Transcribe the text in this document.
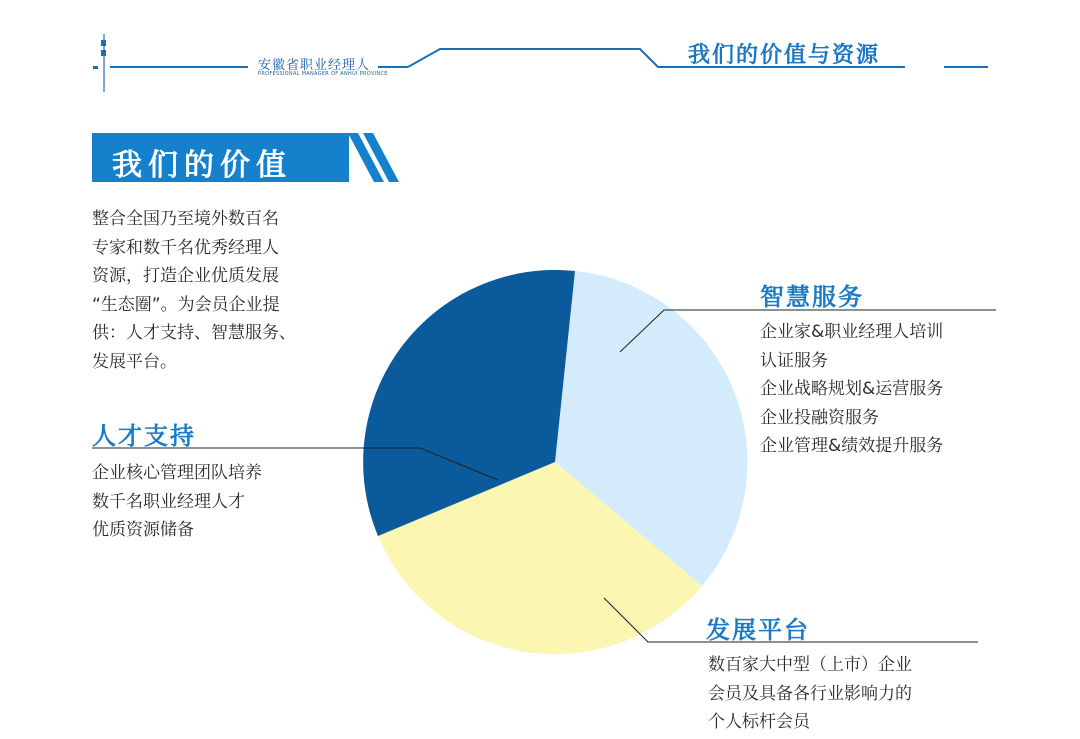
安徽省职业经理人
PROFESSIONAL MANAGER OF ANHUI PROVINCE
我们的价值与资源
我们的价值
整合全国乃至境外数百名
专家和数千名优秀经理人
资源，打造企业优质发展
“生态圈”。为会员企业提
供：人才支持、智慧服务、
发展平台。
人才支持
企业核心管理团队培养
数千名职业经理人才
优质资源储备
智慧服务
企业家&职业经理人培训
认证服务
企业战略规划&运营服务
企业投融资服务
企业管理&绩效提升服务
发展平台
数百家大中型（上市）企业
会员及具备各行业影响力的
个人标杆会员
